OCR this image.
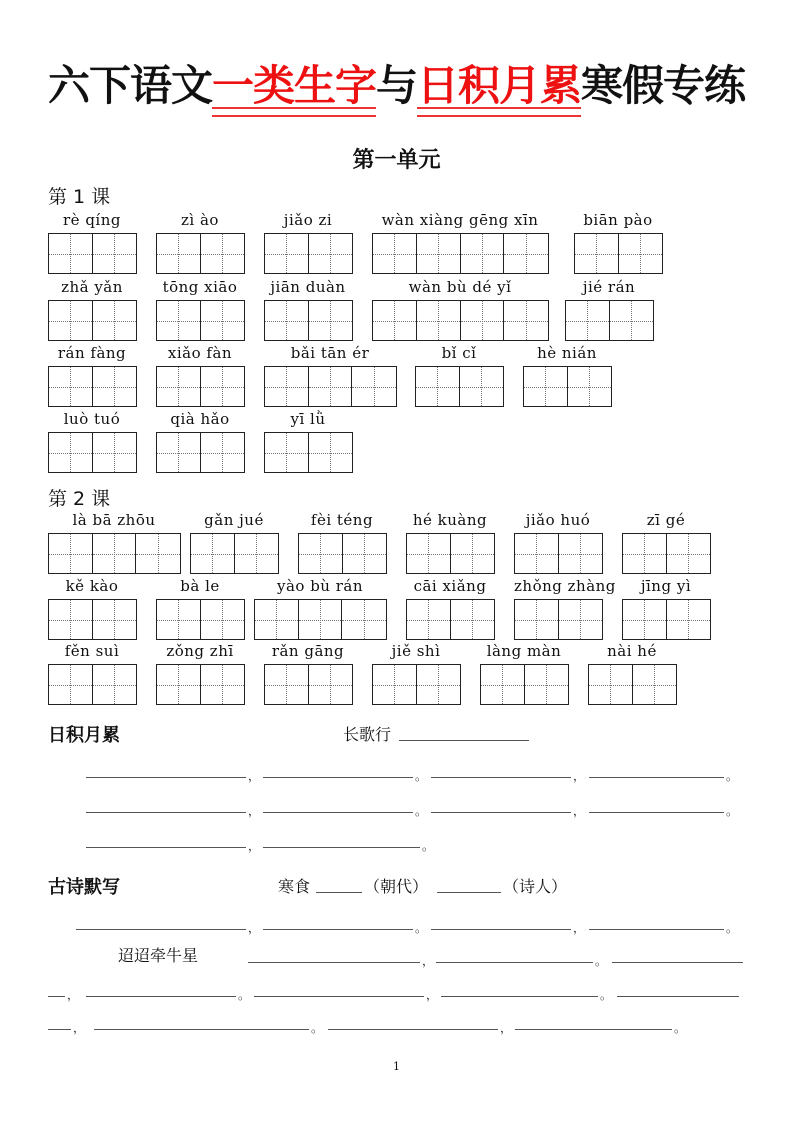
六下语文一类生字与日积月累寒假专练
第一单元
第 1 课
第 2 课
rè qíng	zì ào	jiǎo zi	wàn xiàng gēng xīn	biān pào
zhǎ yǎn	tōng xiāo	jiān duàn	wàn bù dé yǐ	jié rán
rán fàng	xiǎo fàn	bǎi tān ér	bǐ cǐ	hè nián
luò tuó	qià hǎo	yī lǜ
là bā zhōu	gǎn jué	fèi téng	hé kuàng	jiǎo huó	zī gé
kě kào	bà le	yào bù rán	cāi xiǎng	zhǒng zhàng	jīng yì
fěn suì	zǒng zhī	rǎn gāng	jiě shì	làng màn	nài hé
日积月累	长歌行
，	。	，	。
，	。	，	。
，	。
古诗默写	寒食	（朝代）	（诗人）
迢迢牵牛星
，	。	，	。
，	。
，	。	，	。
，	。	，	。
1
